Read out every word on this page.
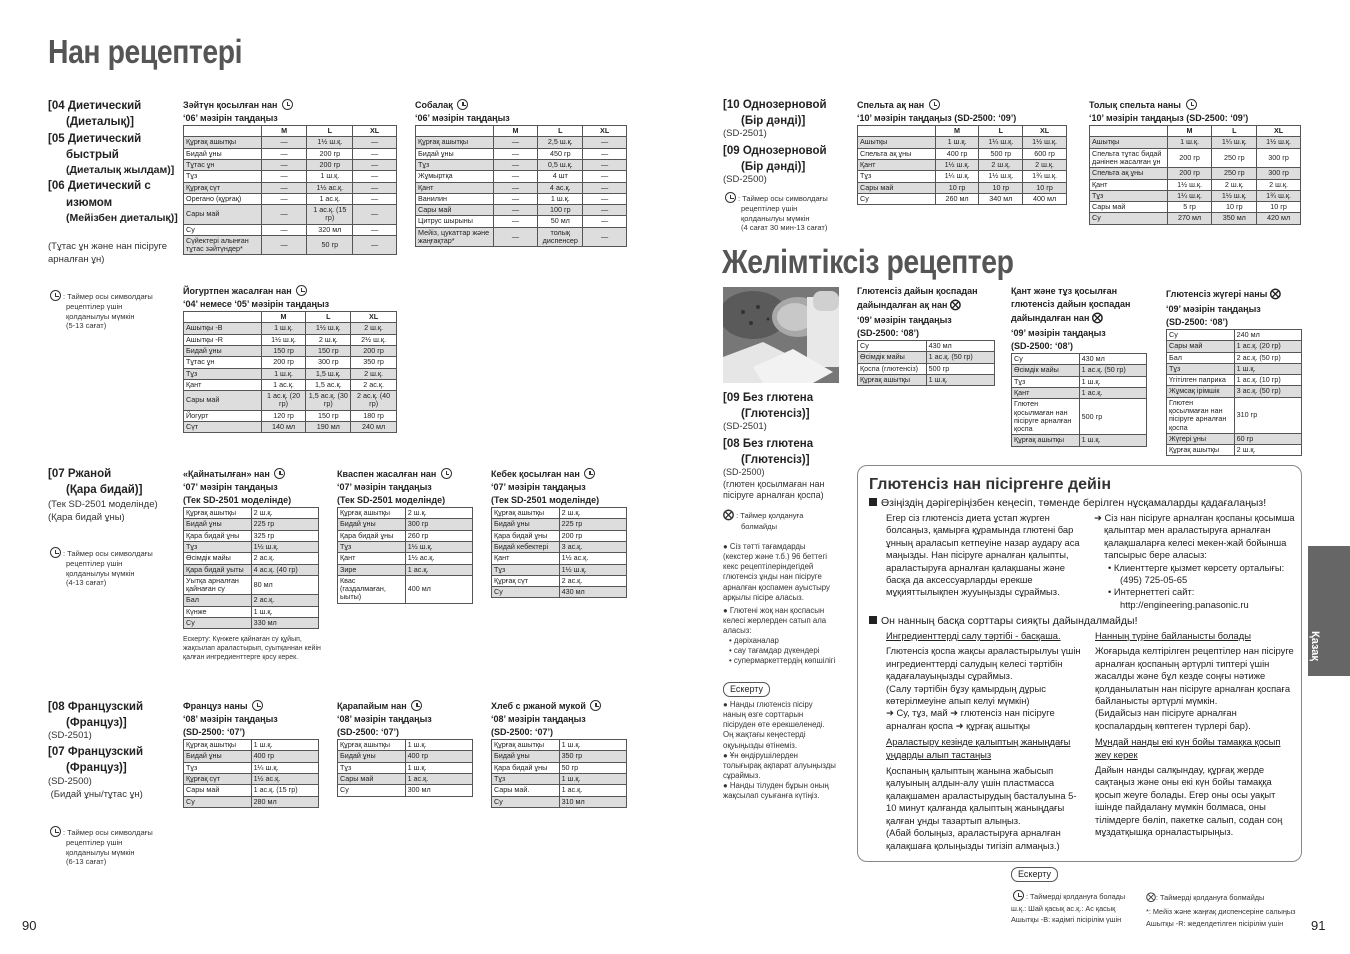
Нан рецептері
[04 Диетический
(Диеталық)]
[05 Диетический

быстрый
(Диеталық жылдам)]
[06 Диетический с

изюмом
(Мейізбен диеталық)]
(Тұтас ұн және нан пісіруге
арналған ұн)
: Таймер осы символдағы
рецептілер үшін
қолданылуы мүмкін
(5-13 сағат)
[07 Ржаной
(Қара бидай)]
(Тек SD-2501 моделінде)
(Қара бидай ұны)
: Таймер осы символдағы
рецептілер үшін
қолданылуы мүмкін
(4-13 сағат)
[08 Французский
(Француз)]
(SD-2501)
[07 Французский
(Француз)]
(SD-2500)
(Бидай ұны/тұтас ұн)
: Таймер осы символдағы
рецептілер үшін
қолданылуы мүмкін
(6-13 сағат)
90
Зәйтүн қосылған нан
‘06’ мәзірін таңдаңыз
	M	L	XL
Құрғақ ашытқы	—	1½ ш.қ.	—
Бидай ұны	—	200 гр	—
Тұтас ұн	—	200 гр	—
Тұз	—	1 ш.қ.	—
Құрғақ сүт	—	1½ ас.қ.	—
Орегано (құрғақ)	—	1 ас.қ.	—
Сары май	—	1 ас.қ. (15 гр)	—
Су	—	320 мл	—
Сүйектері алынған тұтас зәйтүндер*	—	50 гр	—
Собалақ
‘06’ мәзірін таңдаңыз
	M	L	XL
Құрғақ ашытқы	—	2,5 ш.қ.	—
Бидай ұны	—	450 гр	—
Тұз	—	0,5 ш.қ.	—
Жұмыртқа	—	4 шт	—
Қант	—	4 ас.қ.	—
Ванилин	—	1 ш.қ.	—
Сары май	—	100 гр	—
Цитрус шырыны	—	50 мл	—
Мейіз, цукаттар және жаңғақтар*	—	толық диспенсер	—
Йогуртпен жасалған нан
‘04’ немесе ‘05’ мәзірін таңдаңыз
	M	L	XL
Ашытқы -В	1 ш.қ.	1½ ш.қ.	2 ш.қ.
Ашытқы -R	1½ ш.қ.	2 ш.қ.	2½ ш.қ.
Бидай ұны	150 гр	150 гр	200 гр
Тұтас ұн	200 гр	300 гр	350 гр
Тұз	1 ш.қ.	1,5 ш.қ.	2 ш.қ.
Қант	1 ас.қ.	1,5 ас.қ.	2 ас.қ.
Сары май	1 ас.қ. (20 гр)	1,5 ас.қ. (30 гр)	2 ас.қ. (40 гр)
Йогурт	120 гр	150 гр	180 гр
Сүт	140 мл	190 мл	240 мл
«Қайнатылған» нан
‘07’ мәзірін таңдаңыз
(Тек SD-2501 моделінде)
Құрғақ ашытқы	2 ш.қ.
Бидай ұны	225 гр
Қара бидай ұны	325 гр
Тұз	1½ ш.қ.
Өсімдік майы	2 ас.қ.
Қара бидай уыты	4 ас.қ. (40 гр)
Уытқа арналған қайнаған су	80 мл
Бал	2 ас.қ.
Күнже	1 ш.қ.
Су	330 мл
Ескерту: Күнжеге қайнаған су құйып, жақсылап араластырып, суытқаннан кейін қалған ингредиенттерге қосу керек.
Квaспен жасалған нан
‘07’ мәзірін таңдаңыз
(Тек SD-2501 моделінде)
Құрғақ ашытқы	2 ш.қ.
Бидай ұны	300 гр
Қара бидай ұны	260 гр
Тұз	1½ ш.қ.
Қант	1½ ас.қ.
Зире	1 ас.қ.
Квас (газдалмаған, ыыты)	400 мл
Кебек қосылған нан
‘07’ мәзірін таңдаңыз
(Тек SD-2501 моделінде)
Құрғақ ашытқы	2 ш.қ.
Бидай ұны	225 гр
Қара бидай ұны	200 гр
Бидай кебектері	3 ас.қ.
Қант	1½ ас.қ.
Тұз	1½ ш.қ.
Құрғақ сүт	2 ас.қ.
Су	430 мл
Француз наны
‘08’ мәзірін таңдаңыз
(SD-2500: ‘07’)
Құрғақ ашытқы	1 ш.қ.
Бидай ұны	400 гр
Тұз	1¼ ш.қ.
Құрғақ сүт	1½ ас.қ.
Сары май	1 ас.қ. (15 гр)
Су	280 мл
Қарапайым нан
‘08’ мәзірін таңдаңыз
(SD-2500: ‘07’)
Құрғақ ашытқы	1 ш.қ.
Бидай ұны	400 гр
Тұз	1 ш.қ.
Сары май	1 ас.қ.
Су	300 мл
Хлеб с ржаной мукой
‘08’ мәзірін таңдаңыз
(SD-2500: ‘07’)
Құрғақ ашытқы	1 ш.қ.
Бидай ұны	350 гр
Қара бидай ұны	50 гр
Тұз	1 ш.қ.
Сары май.	1 ас.қ.
Су	310 мл
[10 Однозерновой
(Бір дәнді)]
(SD-2501)
[09 Однозерновой
(Бір дәнді)]
(SD-2500)
: Таймер осы символдағы
рецептілер үшін
қолданылуы мүмкін
(4 сағат 30 мин-13 сағат)
Спельта ақ нан
‘10’ мәзірін таңдаңыз (SD-2500: ‘09’)
	M	L	XL
Ашытқы	1 ш.қ.	1¼ ш.қ.	1½ ш.қ.
Спельта ақ ұны	400 гр	500 гр	600 гр
Қант	1½ ш.қ.	2 ш.қ.	2 ш.қ.
Тұз	1¼ ш.қ.	1½ ш.қ.	1¾ ш.қ.
Сары май	10 гр	10 гр	10 гр
Су	260 мл	340 мл	400 мл
Толық спельта наны
‘10’ мәзірін таңдаңыз (SD-2500: ‘09’)
	M	L	XL
Ашытқы	1 ш.қ.	1¼ ш.қ.	1½ ш.қ.
Спельта тұтас бидай дәнінен жасалған ұн	200 гр	250 гр	300 гр
Спельта ақ ұны	200 гр	250 гр	300 гр
Қант	1½ ш.қ.	2 ш.қ.	2 ш.қ.
Тұз	1¼ ш.қ.	1½ ш.қ.	1¾ ш.қ.
Сары май	5 гр	10 гр	10 гр
Су	270 мл	350 мл	420 мл
Желімтіксіз рецептер
[09 Без глютена
(Глютенсіз)]
(SD-2501)
[08 Без глютена
(Глютенсіз)]
(SD-2500)
(глютен қосылмаған нан
пісіруге арналған қоспа)
⨂ : Таймер қолдануға
болмайды
● Сіз тәтті тағамдарды (кекстер және т.б.) 96 беттегі кекс рецептілеріндегідей глютенсіз ұнды нан пісіруге арналған қоспамен ауыстыру арқылы пісіре аласыз.
● Глютені жоқ нан қоспасын келесі жерлерден сатып ала аласыз:
• дәріханалар
• сау тағамдар дүкендері
• супермаркеттердің көпшілігі
Ескерту
● Нанды глютенсіз пісіру наның өзге сорттарын пісіруден өте ерекшеленеді. Оң жақтағы кеңестерді оқуыңызды өтінеміз.
● Ұн өндірушілерден толығырақ ақпарат алуыңызды сұраймыз.
● Нанды тілуден бұрын оның жақсылап суығанға күтіңіз.
Глютенсіз дайын қоспадан
дайындалған ақ нан ⨂
‘09’ мәзірін таңдаңыз
(SD-2500: ‘08’)
Су	430 мл
Өсімдік майы	1 ас.қ. (50 гр)
Қоспа (глютенсіз)	500 гр
Құрғақ ашытқы	1 ш.қ.
Қант және тұз қосылған
глютенсіз дайын қоспадан
дайындалған нан ⨂
‘09’ мәзірін таңдаңыз
(SD-2500: ‘08’)
Су	430 мл
Өсімдік майы	1 ас.қ. (50 гр)
Тұз	1 ш.қ.
Қант	1 ас.қ.
Глютен қосылмаған нан пісіруге арналған қоспа	500 гр
Құрғақ ашытқы	1 ш.қ.
Глютенсіз жүгері наны ⨂
‘09’ мәзірін таңдаңыз
(SD-2500: ‘08’)
Су	240 мл
Сары май	1 ас.қ. (20 гр)
Бал	2 ас.қ. (50 гр)
Тұз	1 ш.қ.
Үгітілген паприка	1 ас.қ. (10 гр)
Жұмсақ ірімшік	3 ас.қ. (50 гр)
Глютен қосылмаған нан пісіруге арналған қоспа	310 гр
Жүгері ұны	60 гр
Құрғақ ашытқы	2 ш.қ.
Глютенсіз нан пісіргенге дейін
Өзіңіздің дәрігеріңізбен кеңесіп, төменде берілген нұсқамаларды қадағалаңыз!
Егер сіз глютенсіз диета ұстап жүрген болсаңыз, қамырға құрамында глютені бар ұнның араласып кетпеуіне назар аудару аса маңызды. Нан пісіруге арналған қалыпты, араластыруға арналған қалақшаны және басқа да аксессуарларды ерекше мұқияттылықпен жууыңызды сұраймыз.
➜ Сіз нан пісіруге арналған қоспаны қосымша
қалыптар мен араластыруға арналған
қалақшаларға келесі мекен-жай бойынша
тапсырыс бере аласыз:
• Клиенттерге қызмет көрсету орталығы:
(495) 725-05-65
• Интернеттегі сайт:
http://engineering.panasonic.ru
Он нанның басқа сорттары сияқты дайындалмайды!
Ингредиенттерді салу тәртібі - басқаша.
Глютенсіз қоспа жақсы араластырылуы үшін ингредиенттерді салудың келесі тәртібін қадағалауыңызды сұраймыз.
(Салу тәртібін бұзу қамырдың дұрыс көтерілмеуіне апып келуі мүмкін)
➜ Су, тұз, май ➜ глютенсіз нан пісіруге арналған қоспа ➜ құрғақ ашытқы
Араластыру кезінде қалыптың жаныңдағы ұңдарды алып тастаңыз
Қоспаның қалыптың жанына жабысып қалуының алдын-алу үшін пластмасса қалақшамен араластырудың басталуына 5-10 минут қалғанда қалыптың жаныңдағы қалған ұнды тазартып алыңыз.
(Абай болыңыз, араластыруға арналған қалақшаға қолыңызды тигізіп алмаңыз.)
Нанның түріне байланысты болады
Жоғарыда келтірілген рецептілер нан пісіруге арналған қоспаның әртүрлі типтері үшін жасалды және бұл кезде соңғы нәтиже қолданылатын нан пісіруге арналған қоспаға байланысты әртүрлі мүмкін.
(Бидайсыз нан пісіруге арналған қоспалардың көптеген түрлері бар).
Мұндай нанды екі күн бойы тамақка қосып жеу керек
Дайын нанды салқындау, құрғақ жерде сақтаңыз және оны екі күн бойы тамаққа қосып жеуге болады. Егер оны осы уақыт ішінде пайдалану мүмкін болмаса, оны тілімдерге бөліп, пакетке салып, содан соң мұздатқышқа орналастырыңыз.
Ескерту
: Таймерді қолдануға болады
ш.қ.: Шай қасық ас.қ.: Ас қасық
Ашытқы -В: кәдімгі пісірілім үшін
⨂: Таймерді қолдануға болмайды
*: Мейіз және жаңғақ диспенсеріне салыңыз
Ашытқы -R: жеделдетілген пісірілім үшін	91
Қазақ
